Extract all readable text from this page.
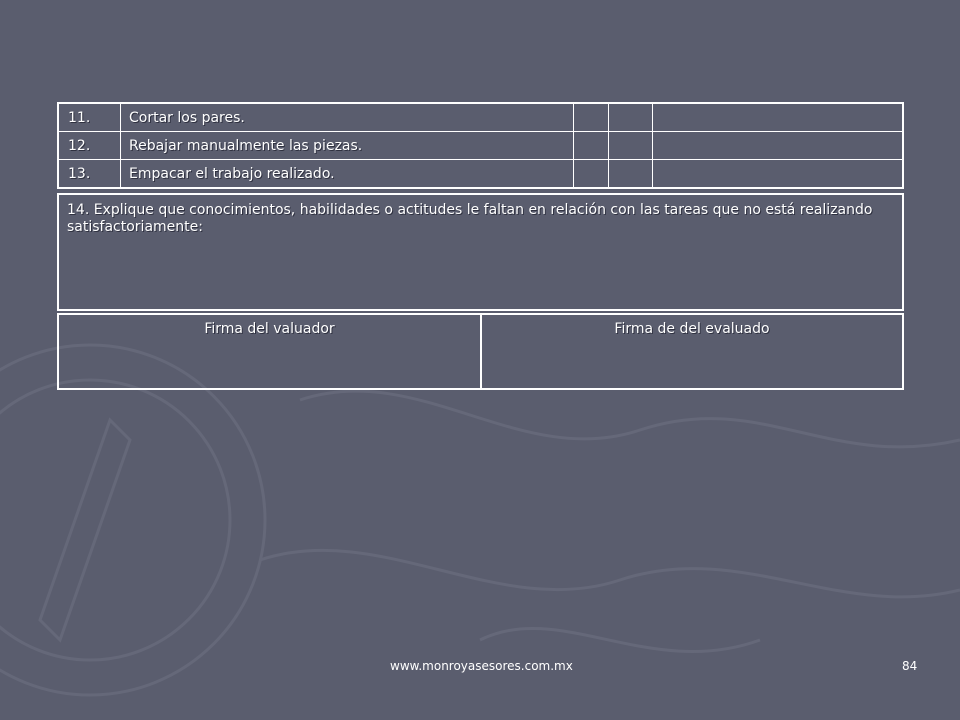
11.	Cortar los pares.			
12.	Rebajar manualmente las piezas.			
13.	Empacar el trabajo realizado.			
14. Explique que conocimientos, habilidades o actitudes le faltan en relación con las tareas que no está realizando satisfactoriamente:
Firma del valuador	Firma de del evaluado
www.monroyasesores.com.mx	84
